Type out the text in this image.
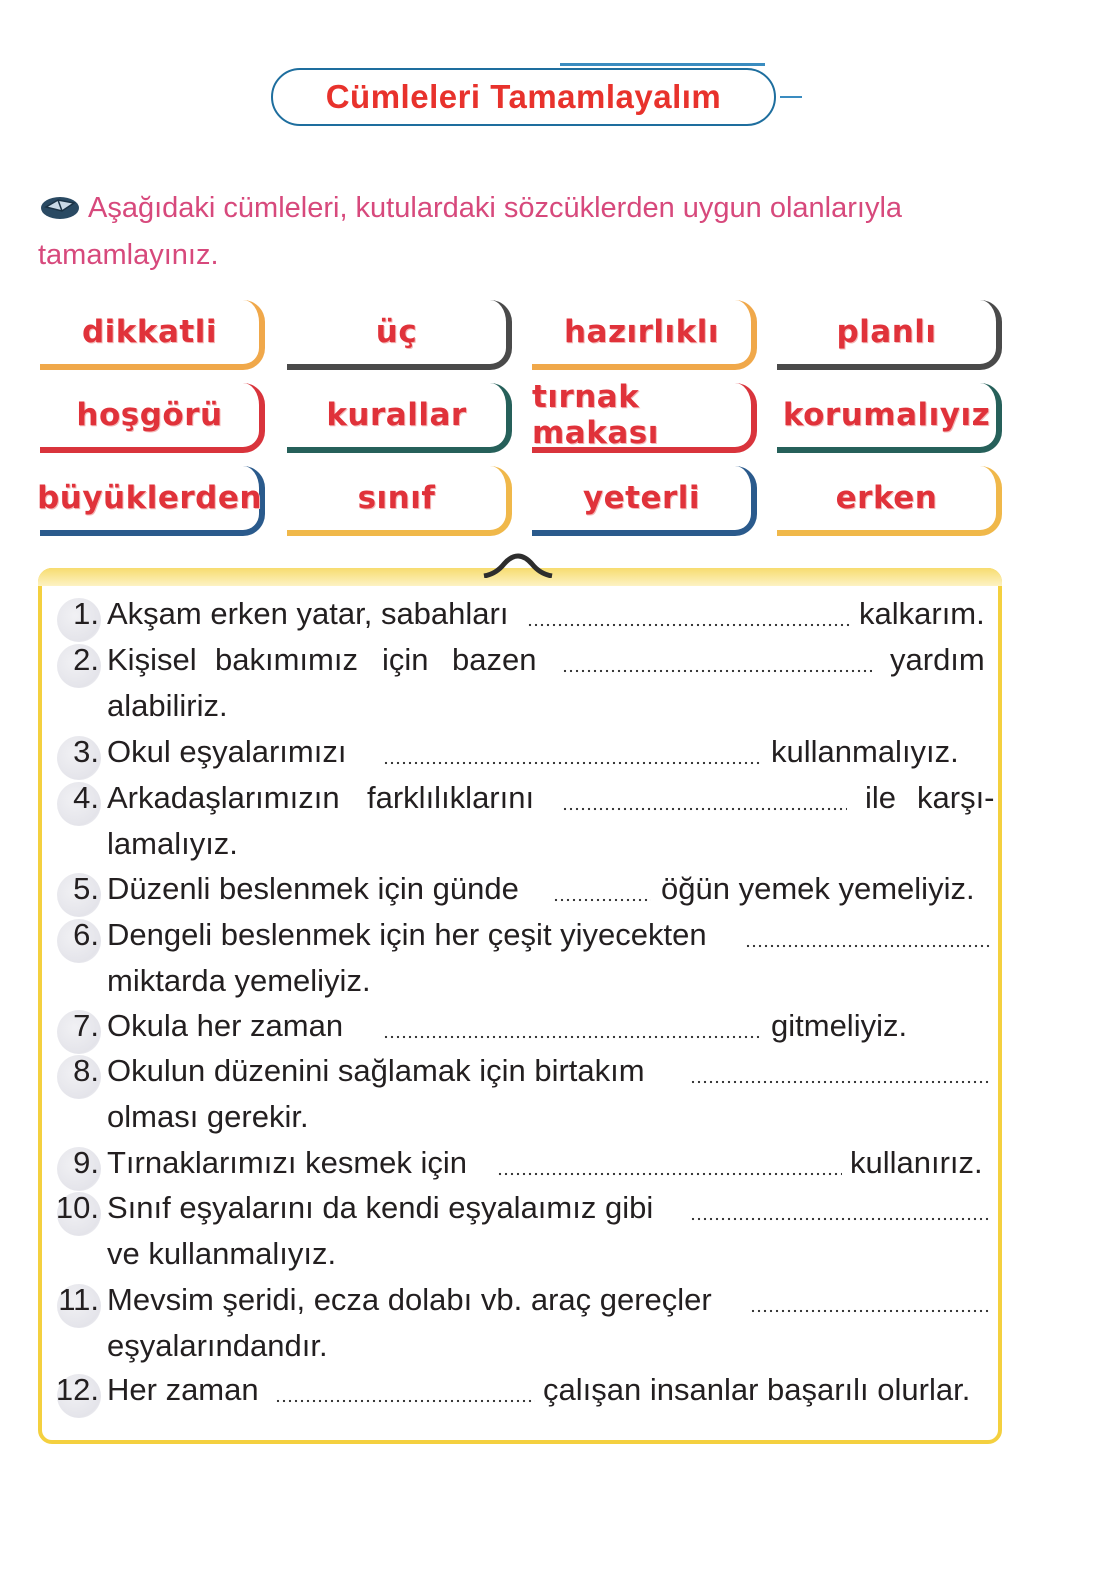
Cümleleri Tamamlayalım
Aşağıdaki cümleleri, kutulardaki sözcüklerden uygun olanlarıyla tamamlayınız.
dikkatli	üç	hazırlıklı	planlı
hoşgörü	kurallar tırnak makası	korumalıyız
büyüklerden	sınıf	yeterli	erken
1. Akşam erken yatar, sabahları	kalkarım.
2. Kişisel bakımımız için bazen	yardım
alabiliriz.
3. Okul eşyalarımızı	kullanmalıyız.
4. Arkadaşlarımızın farklılıklarını	ile karşı-
lamalıyız.
5. Düzenli beslenmek için günde	öğün yemek yemeliyiz.
6. Dengeli beslenmek için her çeşit yiyecekten
miktarda yemeliyiz.
7. Okula her zaman	gitmeliyiz.
8. Okulun düzenini sağlamak için birtakım
olması gerekir.
9. Tırnaklarımızı kesmek için	kullanırız.
10. Sınıf eşyalarını da kendi eşyalaımız gibi
ve kullanmalıyız.
11. Mevsim şeridi, ecza dolabı vb. araç gereçler
eşyalarındandır.
12. Her zaman	çalışan insanlar başarılı olurlar.
